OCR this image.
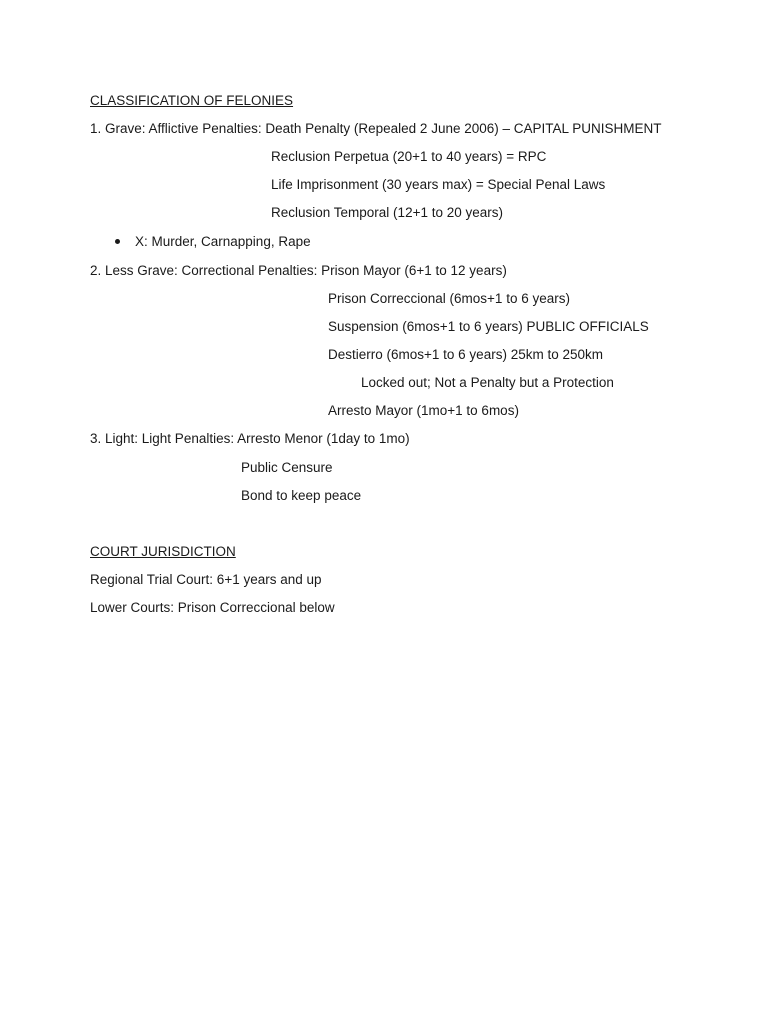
CLASSIFICATION OF FELONIES
1. Grave: Afflictive Penalties: Death Penalty (Repealed 2 June 2006) – CAPITAL PUNISHMENT
Reclusion Perpetua (20+1 to 40 years) = RPC
Life Imprisonment (30 years max) = Special Penal Laws
Reclusion Temporal (12+1 to 20 years)
X: Murder, Carnapping, Rape
2. Less Grave: Correctional Penalties: Prison Mayor (6+1 to 12 years)
Prison Correccional (6mos+1 to 6 years)
Suspension (6mos+1 to 6 years) PUBLIC OFFICIALS
Destierro (6mos+1 to 6 years) 25km to 250km
Locked out; Not a Penalty but a Protection
Arresto Mayor (1mo+1 to 6mos)
3. Light: Light Penalties: Arresto Menor (1day to 1mo)
Public Censure
Bond to keep peace
COURT JURISDICTION
Regional Trial Court: 6+1 years and up
Lower Courts: Prison Correccional below
